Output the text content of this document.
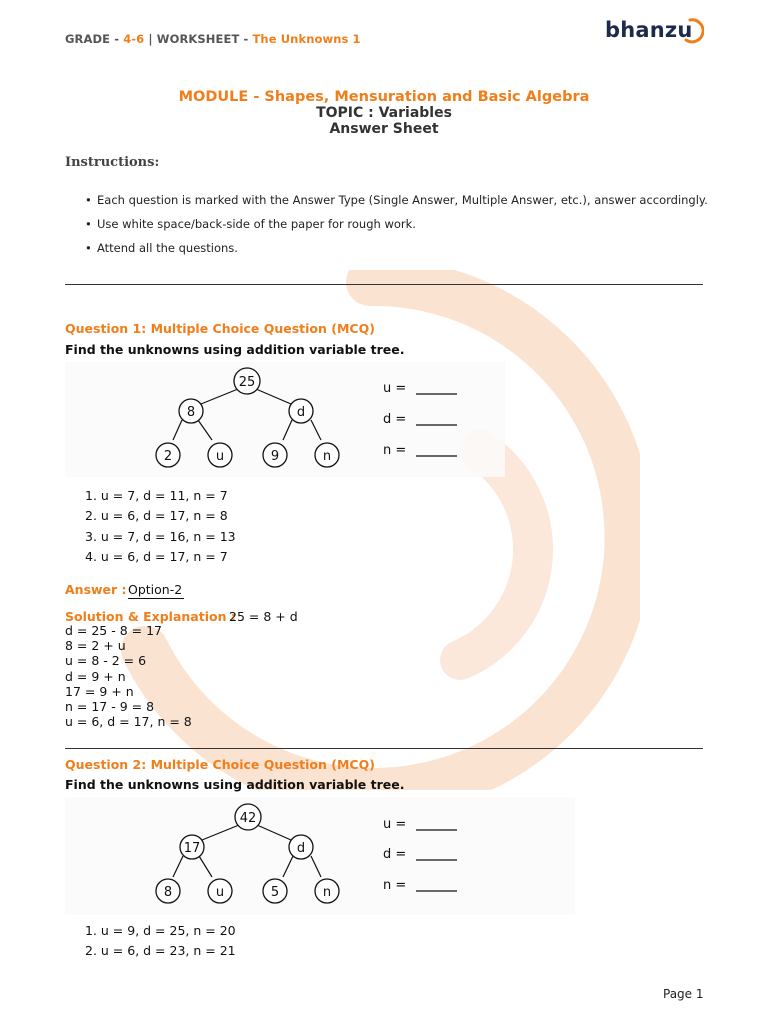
GRADE - 4-6 | WORKSHEET - The Unknowns 1	bhanzu
MODULE - Shapes, Mensuration and Basic Algebra
TOPIC : Variables
Answer Sheet
Instructions:
• Each question is marked with the Answer Type (Single Answer, Multiple Answer, etc.), answer accordingly.
• Use white space/back-side of the paper for rough work.
• Attend all the questions.
Question 1: Multiple Choice Question (MCQ)
Find the unknowns using addition variable tree.
25
8	d
2	u	9	n
u =
d =
n =
1. u = 7, d = 11, n = 7
2. u = 6, d = 17, n = 8
3. u = 7, d = 16, n = 13
4. u = 6, d = 17, n = 7
Answer : Option-2
Solution & Explanation :
25 = 8 + d
d = 25 - 8 = 17
8 = 2 + u
u = 8 - 2 = 6
d = 9 + n
17 = 9 + n
n = 17 - 9 = 8
u = 6, d = 17, n = 8
Question 2: Multiple Choice Question (MCQ)
Find the unknowns using addition variable tree.
42
17	d
8	u	5	n
u =
d =
n =
1. u = 9, d = 25, n = 20
2. u = 6, d = 23, n = 21
Page 1
